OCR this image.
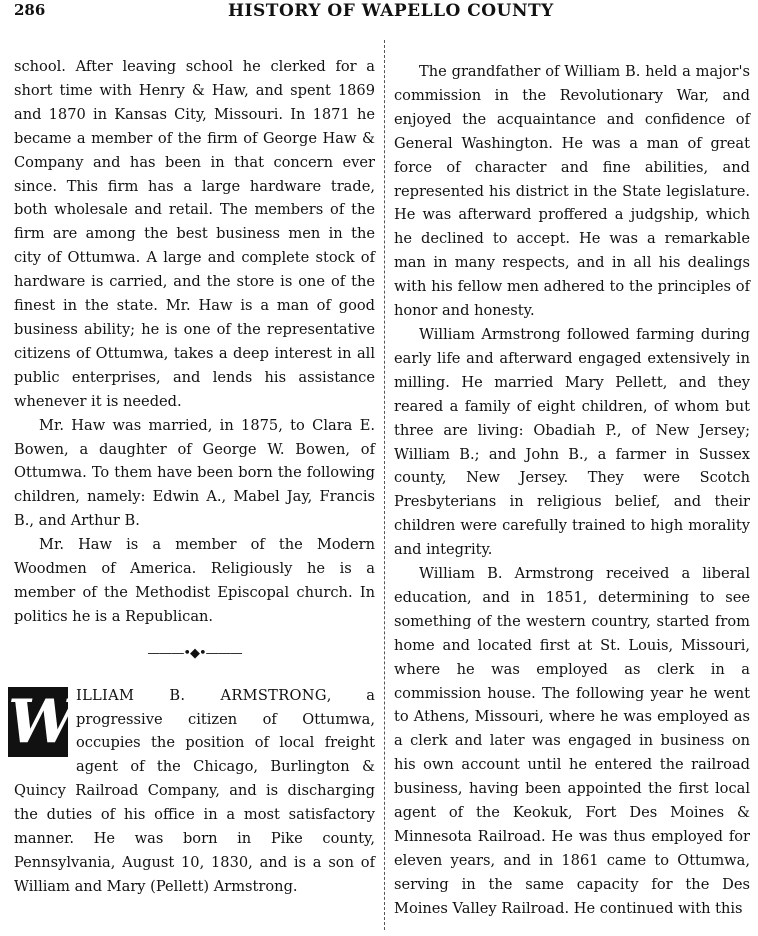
286	HISTORY OF WAPELLO COUNTY

school. After leaving school he clerked for a short time with Henry & Haw, and spent 1869 and 1870 in Kansas City, Missouri. In 1871 he became a member of the firm of George Haw & Company and has been in that concern ever since. This firm has a large hardware trade, both wholesale and retail. The members of the firm are among the best business men in the city of Ottumwa. A large and complete stock of hardware is carried, and the store is one of the finest in the state. Mr. Haw is a man of good business ability; he is one of the representative citizens of Ottumwa, takes a deep interest in all public enterprises, and lends his assistance whenever it is needed.

Mr. Haw was married, in 1875, to Clara E. Bowen, a daughter of George W. Bowen, of Ottumwa. To them have been born the following children, namely: Edwin A., Mabel Jay, Francis B., and Arthur B.

Mr. Haw is a member of the Modern Woodmen of America. Religiously he is a member of the Methodist Episcopal church. In politics he is a Republican.

———•◆•———

W ILLIAM B. ARMSTRONG, a progressive citizen of Ottumwa, occupies the position of local freight agent of the Chicago, Burlington & Quincy Railroad Company, and is discharging the duties of his office in a most satisfactory manner. He was born in Pike county, Pennsylvania, August 10, 1830, and is a son of William and Mary (Pellett) Armstrong.

The grandfather of William B. held a major's commission in the Revolutionary War, and enjoyed the acquaintance and confidence of General Washington. He was a man of great force of character and fine abilities, and represented his district in the State legislature. He was afterward proffered a judgship, which he declined to accept. He was a remarkable man in many respects, and in all his dealings with his fellow men adhered to the principles of honor and honesty.

William Armstrong followed farming during early life and afterward engaged extensively in milling. He married Mary Pellett, and they reared a family of eight children, of whom but three are living: Obadiah P., of New Jersey; William B.; and John B., a farmer in Sussex county, New Jersey. They were Scotch Presbyterians in religious belief, and their children were carefully trained to high morality and integrity.

William B. Armstrong received a liberal education, and in 1851, determining to see something of the western country, started from home and located first at St. Louis, Missouri, where he was employed as clerk in a commission house. The following year he went to Athens, Missouri, where he was employed as a clerk and later was engaged in business on his own account until he entered the railroad business, having been appointed the first local agent of the Keokuk, Fort Des Moines & Minnesota Railroad. He was thus employed for eleven years, and in 1861 came to Ottumwa, serving in the same capacity for the Des Moines Valley Railroad. He continued with this
